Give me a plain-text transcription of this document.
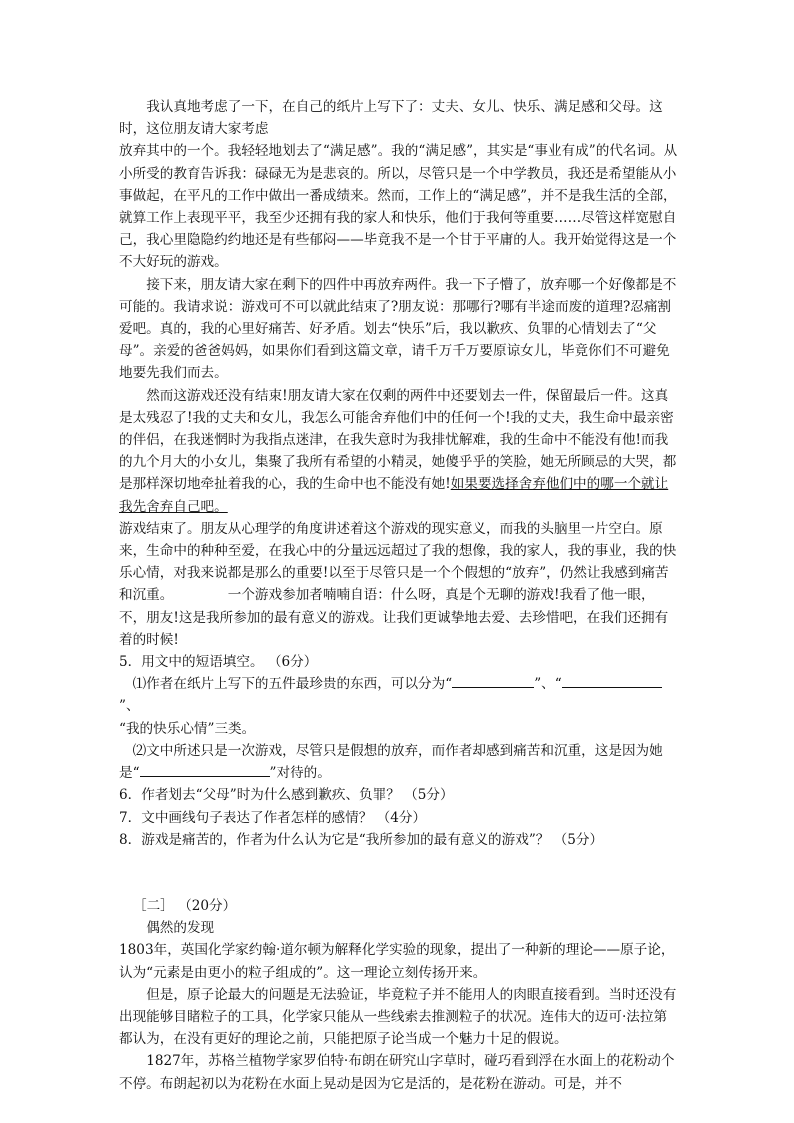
我认真地考虑了一下，在自己的纸片上写下了：丈夫、女儿、快乐、满足感和父母。这时，这位朋友请大家考虑

放弃其中的一个。我轻轻地划去了“满足感”。我的“满足感”，其实是“事业有成”的代名词。从小所受的教育告诉我：碌碌无为是悲哀的。所以，尽管只是一个中学教员，我还是希望能从小事做起，在平凡的工作中做出一番成绩来。然而，工作上的“满足感”，并不是我生活的全部，就算工作上表现平平，我至少还拥有我的家人和快乐，他们于我何等重要……尽管这样宽慰自己，我心里隐隐约约地还是有些郁闷——毕竟我不是一个甘于平庸的人。我开始觉得这是一个不大好玩的游戏。

接下来，朋友请大家在剩下的四件中再放弃两件。我一下子懵了，放弃哪一个好像都是不可能的。我请求说：游戏可不可以就此结束了?朋友说：那哪行?哪有半途而废的道理?忍痛割爱吧。真的，我的心里好痛苦、好矛盾。划去“快乐”后，我以歉疚、负罪的心情划去了“父母”。亲爱的爸爸妈妈，如果你们看到这篇文章，请千万千万要原谅女儿，毕竟你们不可避免地要先我们而去。

然而这游戏还没有结束!朋友请大家在仅剩的两件中还要划去一件，保留最后一件。这真是太残忍了!我的丈夫和女儿，我怎么可能舍弃他们中的任何一个!我的丈夫，我生命中最亲密的伴侣，在我迷惘时为我指点迷津，在我失意时为我排忧解难，我的生命中不能没有他!而我的九个月大的小女儿，集聚了我所有希望的小精灵，她傻乎乎的笑脸，她无所顾忌的大哭，都是那样深切地牵扯着我的心，我的生命中也不能没有她!如果要选择舍弃他们中的哪一个就让我先舍弃自己吧。

游戏结束了。朋友从心理学的角度讲述着这个游戏的现实意义，而我的头脑里一片空白。原来，生命中的种种至爱，在我心中的分量远远超过了我的想像，我的家人，我的事业，我的快乐心情，对我来说都是那么的重要!以至于尽管只是一个个假想的“放弃”，仍然让我感到痛苦和沉重。    	一个游戏参加者喃喃自语：什么呀，真是个无聊的游戏!我看了他一眼，不，朋友!这是我所参加的最有意义的游戏。让我们更诚挚地去爱、去珍惜吧，在我们还拥有着的时候!

5．用文中的短语填空。 （6分）

⑴作者在纸片上写下的五件最珍贵的东西，可以分为“	”、“”、

“我的快乐心情”三类。

⑵文中所述只是一次游戏，尽管只是假想的放弃，而作者却感到痛苦和沉重，这是因为她是“	”对待的。

6．作者划去“父母”时为什么感到歉疚、负罪？ （5分）

7．文中画线句子表达了作者怎样的感情？ （4分）

8．游戏是痛苦的，作者为什么认为它是“我所参加的最有意义的游戏”？ （5分）

［二］ （20分）

偶然的发现

1803年，英国化学家约翰·道尔顿为解释化学实验的现象，提出了一种新的理论——原子论，认为“元素是由更小的粒子组成的”。这一理论立刻传扬开来。

但是，原子论最大的问题是无法验证，毕竟粒子并不能用人的肉眼直接看到。当时还没有出现能够目睹粒子的工具，化学家只能从一些线索去推测粒子的状况。连伟大的迈可·法拉第都认为，在没有更好的理论之前，只能把原子论当成一个魅力十足的假说。

1827年，苏格兰植物学家罗伯特·布朗在研究山字草时，碰巧看到浮在水面上的花粉动个不停。布朗起初以为花粉在水面上晃动是因为它是活的，是花粉在游动。可是，并不
